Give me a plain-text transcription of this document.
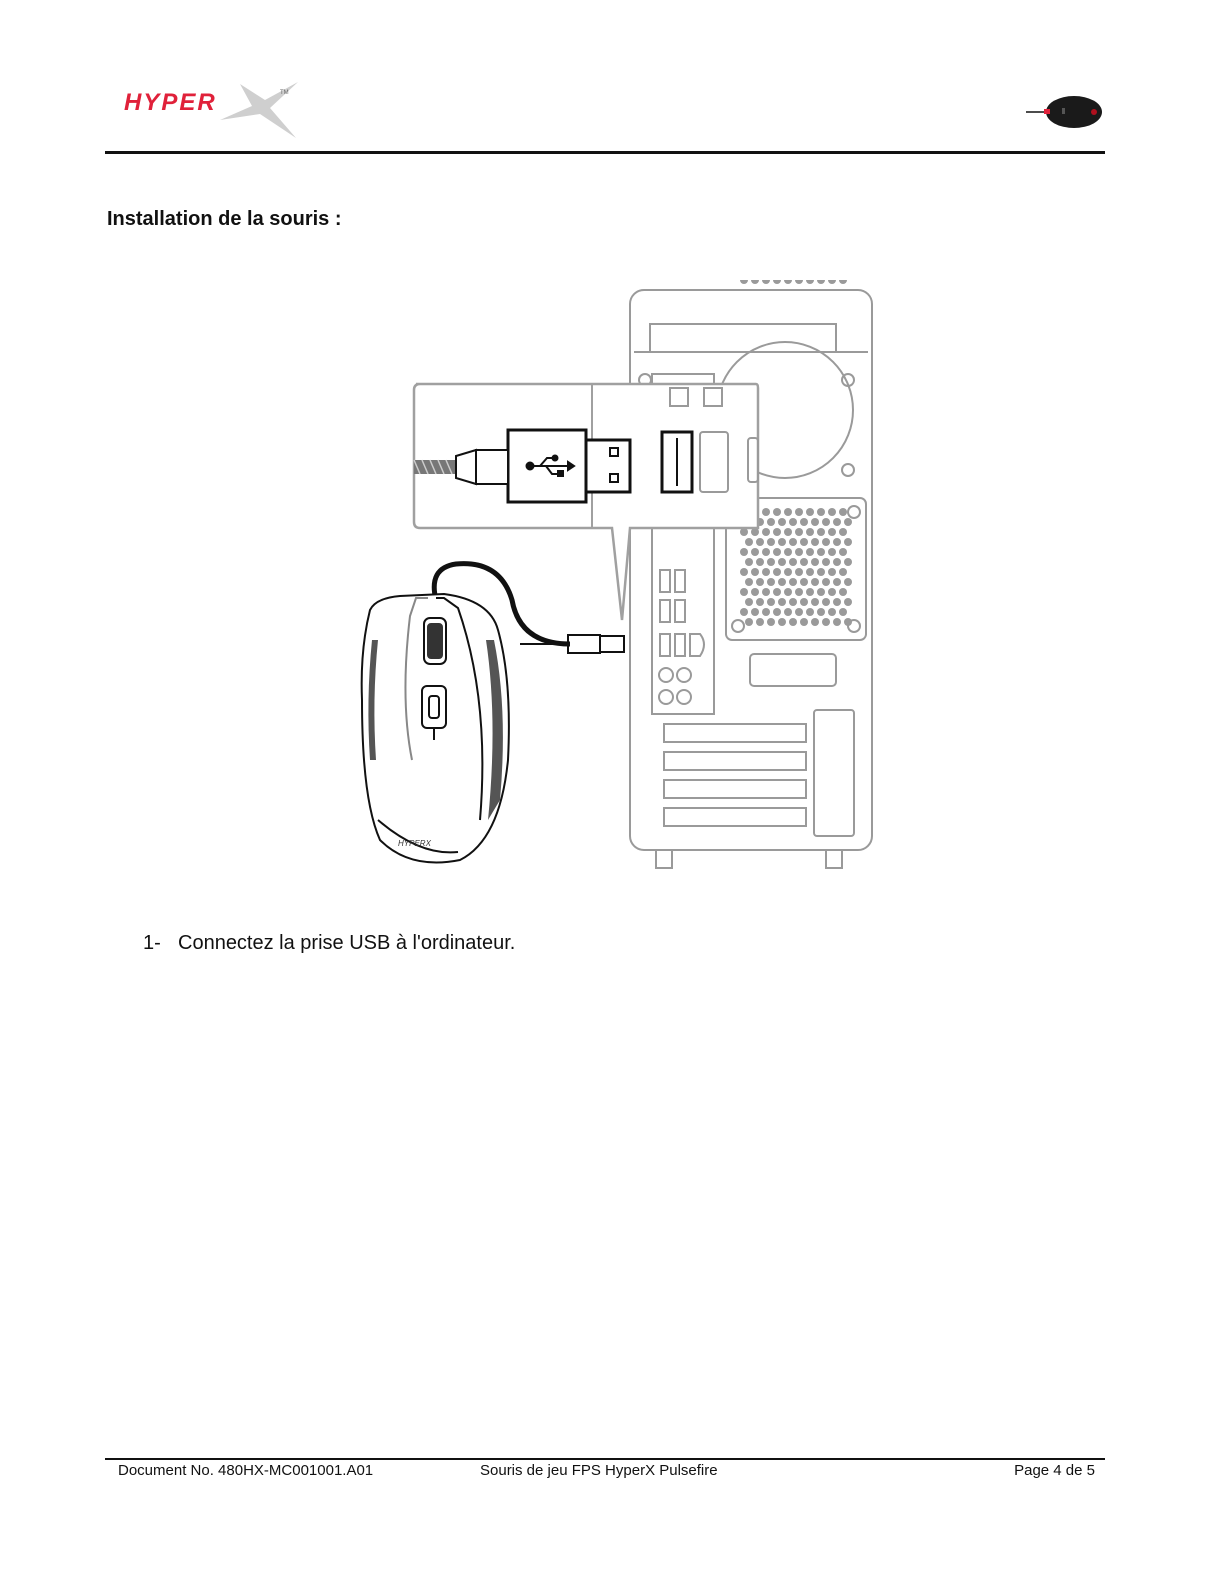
HYPER	TM
Installation de la souris :
HYPERX
1- Connectez la prise USB à l'ordinateur.
Document No. 480HX-MC001001.A01	Souris de jeu FPS HyperX Pulsefire	Page 4 de 5
